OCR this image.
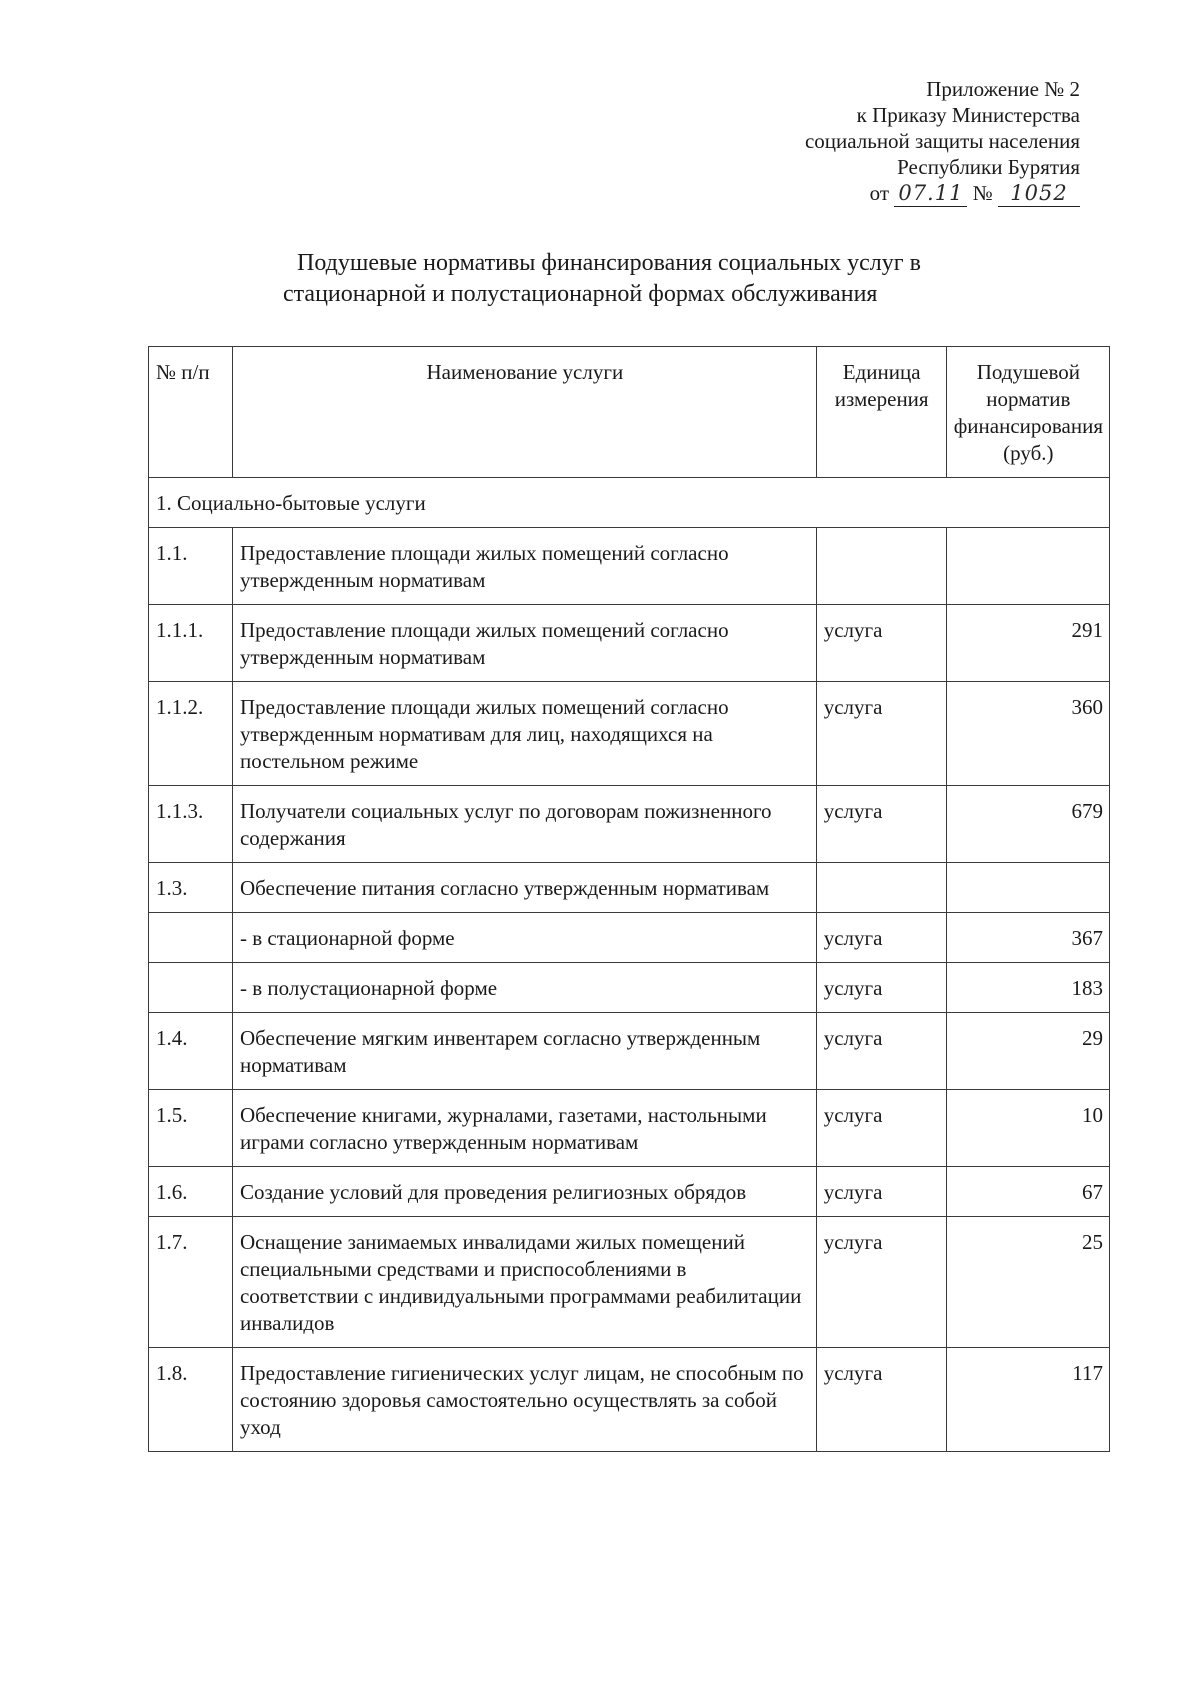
Приложение № 2
к Приказу Министерства
социальной защиты населения
Республики Бурятия
от 07.11 № 1052
Подушевые нормативы финансирования социальных услуг в
стационарной и полустационарной формах обслуживания
№ п/п	Наименование услуги	Единица измерения	Подушевой норматив финансирования (руб.)
1. Социально-бытовые услуги			
1.1.	Предоставление площади жилых помещений согласно утвержденным нормативам		
1.1.1.	Предоставление площади жилых помещений согласно утвержденным нормативам	услуга	291
1.1.2.	Предоставление площади жилых помещений согласно утвержденным нормативам для лиц, находящихся на постельном режиме	услуга	360
1.1.3.	Получатели социальных услуг по договорам пожизненного содержания	услуга	679
1.3.	Обеспечение питания согласно утвержденным нормативам		
	- в стационарной форме	услуга	367
	- в полустационарной форме	услуга	183
1.4.	Обеспечение мягким инвентарем согласно утвержденным нормативам	услуга	29
1.5.	Обеспечение книгами, журналами, газетами, настольными играми согласно утвержденным нормативам	услуга	10
1.6.	Создание условий для проведения религиозных обрядов	услуга	67
1.7.	Оснащение занимаемых инвалидами жилых помещений специальными средствами и приспособлениями в соответствии с индивидуальными программами реабилитации инвалидов	услуга	25
1.8.	Предоставление гигиенических услуг лицам, не способным по состоянию здоровья самостоятельно осуществлять за собой уход	услуга	117
